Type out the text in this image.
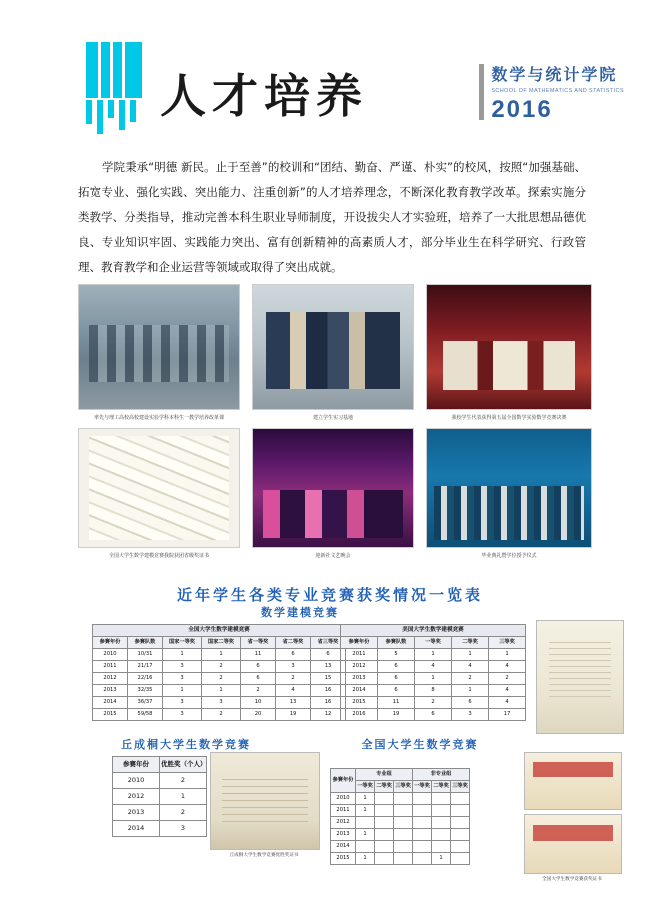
人才培养	数学与统计学院
SCHOOL OF MATHEMATICS AND STATISTICS
2016
学院秉承“明德 新民。止于至善”的校训和“团结、勤奋、严谨、朴实”的校风，按照“加强基础、拓宽专业、强化实践、突出能力、注重创新”的人才培养理念，不断深化教育教学改革。探索实施分类教学、分类指导，推动完善本科生职业导师制度，开设拔尖人才实验班，培养了一大批思想品德优良、专业知识牢固、实践能力突出、富有创新精神的高素质人才，部分毕业生在科学研究、行政管理、教育教学和企业运营等领域或取得了突出成就。
率先与理工高校高校建设实验学科本科生一教学培养改革课	建立学生实习基地	我校学生代表获得第五届全国数学实验数学竞赛决赛
全国大学生数学建模竞赛我院获团省级奖证书	迎新社文艺晚会	毕业典礼暨学位授予仪式
近年学生各类专业竞赛获奖情况一览表
数学建模竞赛
全国大学生数学建模竞赛						
参赛年份	参赛队数	国家一等奖	国家二等奖	省一等奖	省二等奖	省三等奖
2010	10/31	1	1	11	6	6
2011	21/17	3	2	6	3	13
2012	22/16	3	2	6	2	15
2013	32/35	1	1	2	4	16
2014	36/37	3	3	10	13	16
2015	59/58	3	2	20	19	12
美国大学生数学建模竞赛				
参赛年份	参赛队数	一等奖	二等奖	三等奖
2011	5	1	1	1
2012	6	4	4	4
2013	6	1	2	2
2014	6	8	1	4
2015	11	2	6	4
2016	19	6	3	17
丘成桐大学生数学竞赛	全国大学生数学竞赛
参赛年份	优胜奖（个人）
2010	2
2012	1
2013	2
2014	3
参赛年份	专业组			非专业组		
	一等奖	二等奖	三等奖	一等奖	二等奖	三等奖
2010	1					
2011	1					
2012						
2013	1					
2014						
2015	1				1	
全国大学生数学竞赛获奖证书
丘成桐大学生数学竞赛优胜奖证书
